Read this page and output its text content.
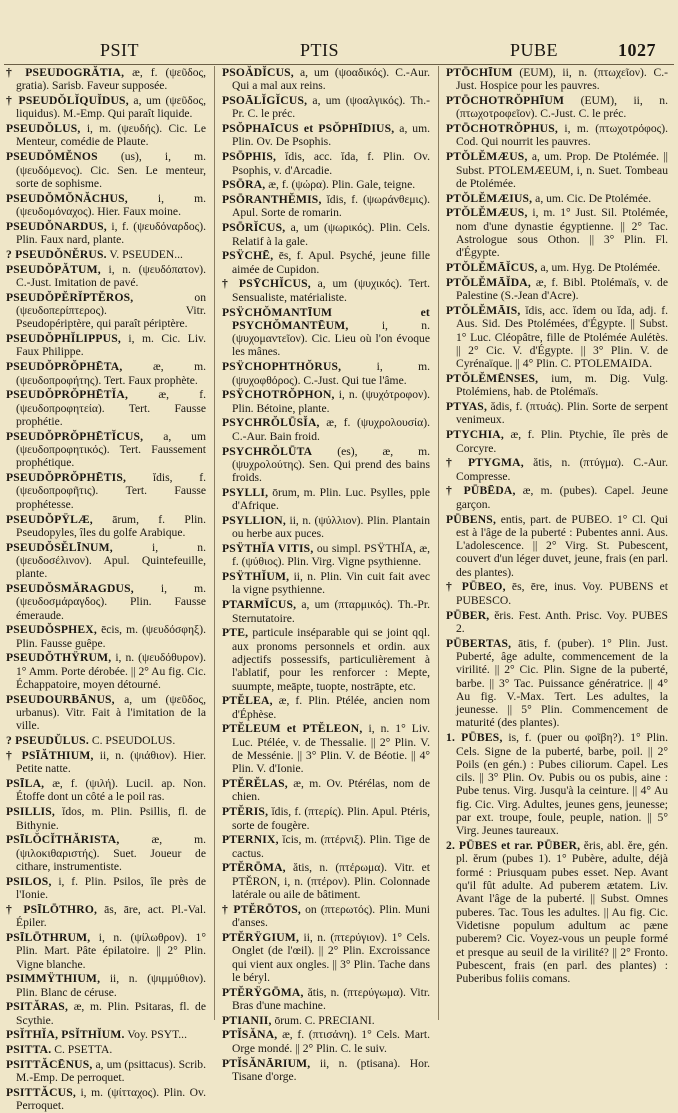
PSIT	PTIS	PUBE	1027

† PSEUDOGRĂTIA, æ, f. (ψεῦδος, gratia). Sarisb. Faveur supposée.

† PSEUDŎLĬQUĬDUS, a, um (ψεῦδος, liquidus). M.-Emp. Qui paraît liquide.

PSEUDŎLUS, i, m. (ψευδής). Cic. Le Menteur, comédie de Plaute.

PSEUDŎMĔNOS (us), i, m. (ψευδόμενος). Cic. Sen. Le menteur, sorte de sophisme.

PSEUDŎMŎNĂCHUS, i, m. (ψευδομόναχος). Hier. Faux moine.

PSEUDŎNARDUS, i, f. (ψευδόναρδος). Plin. Faux nard, plante.

? PSEUDŎNĔRUS. V. PSEUDEN...

PSEUDŎPĂTUM, i, n. (ψευδόπατον). C.-Just. Imitation de pavé.

PSEUDŎPĔRĬPTĔROS, on (ψευδοπερίπτερος). Vitr. Pseudopériptère, qui paraît périptère.

PSEUDŎPHĬLIPPUS, i, m. Cic. Liv. Faux Philippe.

PSEUDŎPRŎPHĒTA, æ, m. (ψευδοπροφήτης). Tert. Faux prophète.

PSEUDŎPRŎPHĒTĬA, æ, f. (ψευδοπροφητεία). Tert. Fausse prophétie.

PSEUDŎPRŎPHĒTĬCUS, a, um (ψευδοπροφητικός). Tert. Faussement prophétique.

PSEUDŎPRŎPHĒTIS, ĭdis, f. (ψευδοπροφῆτις). Tert. Fausse prophétesse.

PSEUDŎPŸLÆ, ārum, f. Plin. Pseudopyles, îles du golfe Arabique.

PSEUDŎSĔLĪNUM, i, n. (ψευδοσέλινον). Apul. Quintefeuille, plante.

PSEUDŎSMĂRAGDUS, i, m. (ψευδοσμάραγδος). Plin. Fausse émeraude.

PSEUDŎSPHEX, ēcis, m. (ψευδόσφηξ). Plin. Fausse guêpe.

PSEUDŎTHŸRUM, i, n. (ψευδόθυρον). 1° Amm. Porte dérobée. || 2° Au fig. Cic. Échappatoire, moyen détourné.

PSEUDOURBĀNUS, a, um (ψεῦδος, urbanus). Vitr. Fait à l'imitation de la ville.

? PSEUDŬLUS. C. PSEUDOLUS.

† PSĪĂTHIUM, ii, n. (ψιάθιον). Hier. Petite natte.

PSĪLA, æ, f. (ψιλή). Lucil. ap. Non. Étoffe dont un côté a le poil ras.

PSILLIS, ĭdos, m. Plin. Psillis, fl. de Bithynie.

PSĪLŎCĬTHĂRISTA, æ, m. (ψιλοκιθαριστής). Suet. Joueur de cithare, instrumentiste.

PSILOS, i, f. Plin. Psilos, île près de l'Ionie.

† PSĪLŌTHRO, ās, āre, act. Pl.-Val. Épiler.

PSĪLŌTHRUM, i, n. (ψίλωθρον). 1° Plin. Mart. Pâte épilatoire. || 2° Plin. Vigne blanche.

PSIMMŸTHIUM, ii, n. (ψιμμύθιον). Plin. Blanc de céruse.

PSITĂRAS, æ, m. Plin. Psitaras, fl. de Scythie.

PSĬTHĬA, PSĬTHĬUM. Voy. PSYT...

PSITTA. C. PSETTA.

PSITTĂCĒNUS, a, um (psittacus). Scrib. M.-Emp. De perroquet.

PSITTĂCUS, i, m. (ψίτταχος). Plin. Ov. Perroquet.

PSOĂDĬCUS, a, um (ψοαδικός). C.-Aur. Qui a mal aux reins.

PSOĀLĬGĬCUS, a, um (ψοαλγικός). Th.-Pr. C. le préc.

PSŎPHAĪCUS et PSŎPHĪDIUS, a, um. Plin. Ov. De Psophis.

PSŌPHIS, ĭdis, acc. ĭda, f. Plin. Ov. Psophis, v. d'Arcadie.

PSŌRA, æ, f. (ψώρα). Plin. Gale, teigne.

PSŌRANTHĔMIS, ĭdis, f. (ψωράνθεμις). Apul. Sorte de romarin.

PSŌRĬCUS, a, um (ψωρικός). Plin. Cels. Relatif à la gale.

PSŸCHĒ, ēs, f. Apul. Psyché, jeune fille aimée de Cupidon.

† PSȲCHĬCUS, a, um (ψυχικός). Tert. Sensualiste, matérialiste.

PSŸCHŎMANTĪUM et PSYCHŎMANTĒUM, i, n. (ψυχομαντεῖον). Cic. Lieu où l'on évoque les mânes.

PSŸCHOPHTHŎRUS, i, m. (ψυχοφθόρος). C.-Just. Qui tue l'âme.

PSŸCHOTRŎPHON, i, n. (ψυχότροφον). Plin. Bétoine, plante.

PSYCHRŎLŪSĬA, æ, f. (ψυχρολουσία). C.-Aur. Bain froid.

PSYCHRŎLŪTA (es), æ, m. (ψυχρολούτης). Sen. Qui prend des bains froids.

PSYLLI, ōrum, m. Plin. Luc. Psylles, pple d'Afrique.

PSYLLION, ii, n. (ψύλλιον). Plin. Plantain ou herbe aux puces.

PSŸTHĬA VITIS, ou simpl. PSŸTHĬA, æ, f. (ψύθιος). Plin. Virg. Vigne psythienne.

PSŸTHĬUM, ii, n. Plin. Vin cuit fait avec la vigne psythienne.

PTARMĬCUS, a, um (πταρμικός). Th.-Pr. Sternutatoire.

PTE, particule inséparable qui se joint qql. aux pronoms personnels et ordin. aux adjectifs possessifs, particulièrement à l'ablatif, pour les renforcer : Mepte, suumpte, meāpte, tuopte, nostrāpte, etc.

PTĔLEA, æ, f. Plin. Ptélée, ancien nom d'Éphèse.

PTĔLEUM et PTĔLEON, i, n. 1° Liv. Luc. Ptélée, v. de Thessalie. || 2° Plin. V. de Messénie. || 3° Plin. V. de Béotie. || 4° Plin. V. d'Ionie.

PTĔRĔLAS, æ, m. Ov. Ptérélas, nom de chien.

PTĔRIS, ĭdis, f. (πτερίς). Plin. Apul. Ptéris, sorte de fougère.

PTERNIX, ĭcis, m. (πτέρνιξ). Plin. Tige de cactus.

PTĔRŌMA, ătis, n. (πτέρωμα). Vitr. et PTĔRON, i, n. (πτέρον). Plin. Colonnade latérale ou aile de bâtiment.

† PTĔRŌTOS, on (πτερωτός). Plin. Muni d'anses.

PTĔRŸGIUM, ii, n. (πτερύγιον). 1° Cels. Onglet (de l'œil). || 2° Plin. Excroissance qui vient aux ongles. || 3° Plin. Tache dans le béryl.

PTĔRŸGŌMA, ătis, n. (πτερύγωμα). Vitr. Bras d'une machine.

PTIANII, ōrum. C. PRECIANI.

PTĬSĂNA, æ, f. (πτισάνη). 1° Cels. Mart. Orge mondé. || 2° Plin. C. le suiv.

PTĬSĂNĀRIUM, ii, n. (ptisana). Hor. Tisane d'orge.

PTŌCHĪUM (EUM), ii, n. (πτωχεῖον). C.-Just. Hospice pour les pauvres.

PTŌCHOTRŎPHĪUM (EUM), ii, n. (πτωχοτροφεῖον). C.-Just. C. le préc.

PTŌCHOTRŎPHUS, i, m. (πτωχοτρόφος). Cod. Qui nourrit les pauvres.

PTŎLĔMÆUS, a, um. Prop. De Ptolémée. || Subst. PTOLEMÆEUM, i, n. Suet. Tombeau de Ptolémée.

PTŎLĔMÆIUS, a, um. Cic. De Ptolémée.

PTŎLĔMÆUS, i, m. 1° Just. Sil. Ptolémée, nom d'une dynastie égyptienne. || 2° Tac. Astrologue sous Othon. || 3° Plin. Fl. d'Égypte.

PTŎLĔMĀĬCUS, a, um. Hyg. De Ptolémée.

PTŎLĔMĀĬDA, æ, f. Bibl. Ptolémaïs, v. de Palestine (S.-Jean d'Acre).

PTŎLĔMĀIS, ĭdis, acc. ĭdem ou ĭda, adj. f. Aus. Sid. Des Ptolémées, d'Égypte. || Subst. 1° Luc. Cléopâtre, fille de Ptolémée Aulétès. || 2° Cic. V. d'Égypte. || 3° Plin. V. de Cyrénaïque. || 4° Plin. C. PTOLEMAIDA.

PTŎLĔMĒNSES, ium, m. Dig. Vulg. Ptolémiens, hab. de Ptolémaïs.

PTYAS, ădis, f. (πτυάς). Plin. Sorte de serpent venimeux.

PTYCHIA, æ, f. Plin. Ptychie, île près de Corcyre.

† PTYGMA, ătis, n. (πτύγμα). C.-Aur. Compresse.

† PŪBĒDA, æ, m. (pubes). Capel. Jeune garçon.

PŪBENS, entis, part. de PUBEO. 1° Cl. Qui est à l'âge de la puberté : Pubentes anni. Aus. L'adolescence. || 2° Virg. St. Pubescent, couvert d'un léger duvet, jeune, frais (en parl. des plantes).

† PŪBEO, ēs, ēre, inus. Voy. PUBENS et PUBESCO.

PŪBER, ĕris. Fest. Anth. Prisc. Voy. PUBES 2.

PŪBERTAS, ātis, f. (puber). 1° Plin. Just. Puberté, âge adulte, commencement de la virilité. || 2° Cic. Plin. Signe de la puberté, barbe. || 3° Tac. Puissance génératrice. || 4° Au fig. V.-Max. Tert. Les adultes, la jeunesse. || 5° Plin. Commencement de maturité (des plantes).

1. PŪBES, is, f. (puer ou φοῖβη?). 1° Plin. Cels. Signe de la puberté, barbe, poil. || 2° Poils (en gén.) : Pubes ciliorum. Capel. Les cils. || 3° Plin. Ov. Pubis ou os pubis, aine : Pube tenus. Virg. Jusqu'à la ceinture. || 4° Au fig. Cic. Virg. Adultes, jeunes gens, jeunesse; par ext. troupe, foule, peuple, nation. || 5° Virg. Jeunes taureaux.

2. PŪBES et rar. PŪBER, ĕris, abl. ĕre, gén. pl. ĕrum (pubes 1). 1° Pubère, adulte, déjà formé : Priusquam pubes esset. Nep. Avant qu'il fût adulte. Ad puberem ætatem. Liv. Avant l'âge de la puberté. || Subst. Omnes puberes. Tac. Tous les adultes. || Au fig. Cic. Videtisne populum adultum ac pæne puberem? Cic. Voyez-vous un peuple formé et presque au seuil de la virilité? || 2° Fronto. Pubescent, frais (en parl. des plantes) : Puberibus foliis comans.
